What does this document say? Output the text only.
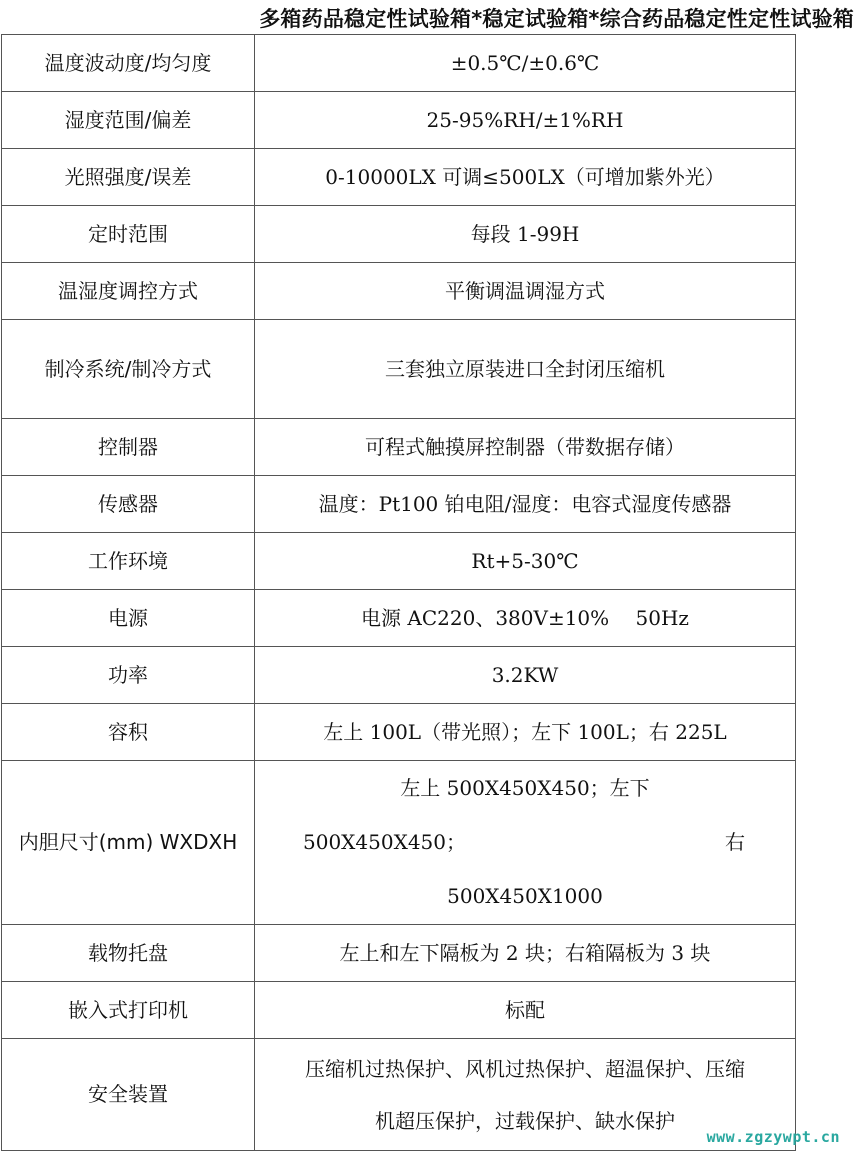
多箱药品稳定性试验箱*稳定试验箱*综合药品稳定性定性试验箱
温度波动度/均匀度	±0.5℃/±0.6℃
湿度范围/偏差	25-95%RH/±1%RH
光照强度/误差	0-10000LX 可调≤500LX（可增加紫外光）
定时范围	每段 1-99H
温湿度调控方式	平衡调温调湿方式
制冷系统/制冷方式	三套独立原装进口全封闭压缩机
控制器	可程式触摸屏控制器（带数据存储）
传感器	温度：Pt100 铂电阻/湿度：电容式湿度传感器
工作环境	Rt+5-30℃
电源	电源 AC220、380V±10%　 50Hz
功率	3.2KW
容积	左上 100L（带光照）；左下 100L；右 225L
内胆尺寸(mm) WXDXH	左上 500X450X450；左下
500X450X450； 右
500X450X1000

载物托盘	左上和左下隔板为 2 块；右箱隔板为 3 块
嵌入式打印机	标配
安全装置	压缩机过热保护、风机过热保护、超温保护、压缩
机超压保护，过载保护、缺水保护
www.zgzywpt.cn
